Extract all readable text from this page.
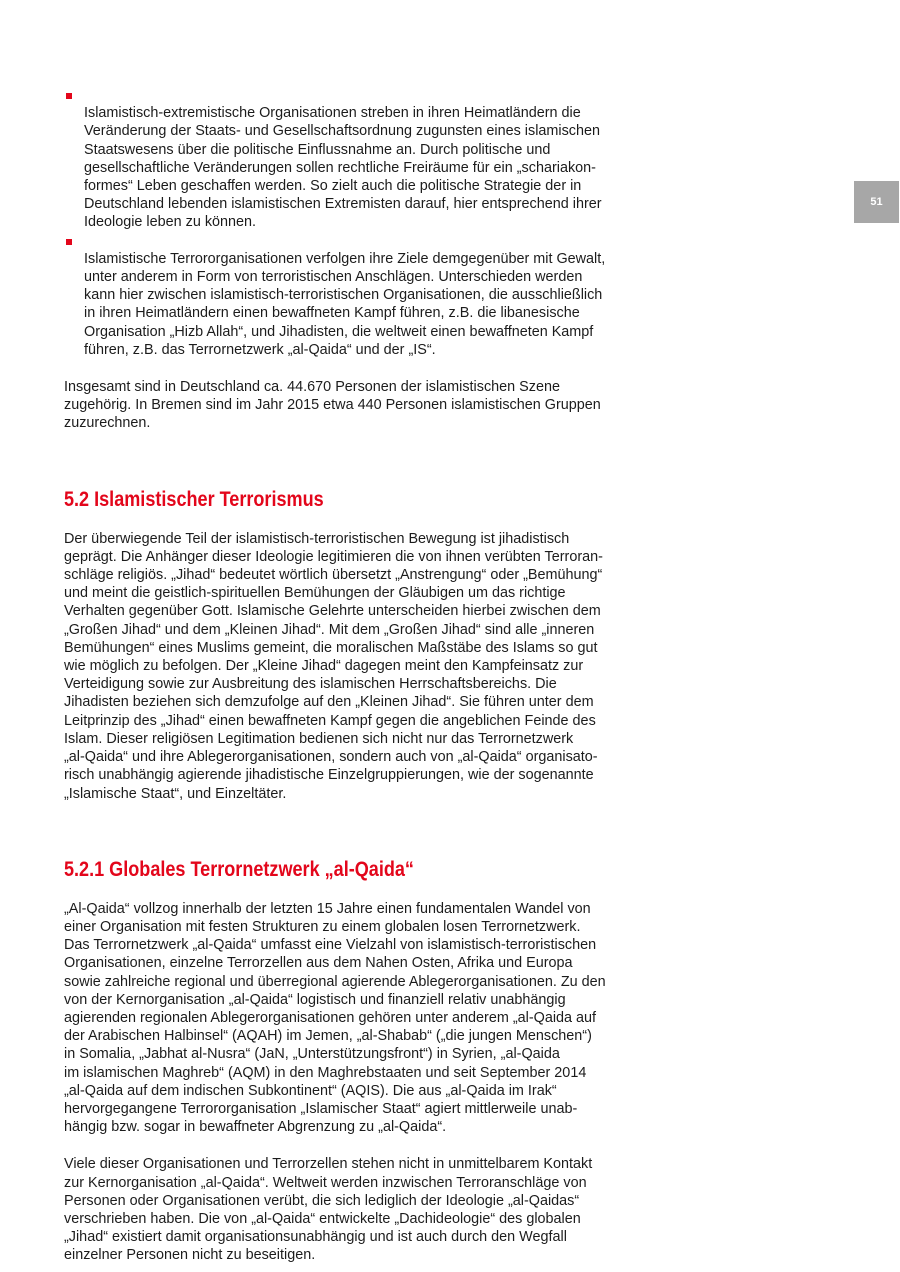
Islamistisch-extremistische Organisationen streben in ihren Heimatländern die
Veränderung der Staats- und Gesellschaftsordnung zugunsten eines islamischen
Staatswesens über die politische Einflussnahme an. Durch politische und
gesellschaftliche Veränderungen sollen rechtliche Freiräume für ein „schariakon-
formes“ Leben geschaffen werden. So zielt auch die politische Strategie der in
Deutschland lebenden islamistischen Extremisten darauf, hier entsprechend ihrer
Ideologie leben zu können.

Islamistische Terrororganisationen verfolgen ihre Ziele demgegenüber mit Gewalt,
unter anderem in Form von terroristischen Anschlägen. Unterschieden werden
kann hier zwischen islamistisch-terroristischen Organisationen, die ausschließlich
in ihren Heimatländern einen bewaffneten Kampf führen, z.B. die libanesische
Organisation „Hizb Allah“, und Jihadisten, die weltweit einen bewaffneten Kampf
führen, z.B. das Terrornetzwerk „al-Qaida“ und der „IS“.

Insgesamt sind in Deutschland ca. 44.670 Personen der islamistischen Szene
zugehörig. In Bremen sind im Jahr 2015 etwa 440 Personen islamistischen Gruppen
zuzurechnen.

5.2 Islamistischer Terrorismus

Der überwiegende Teil der islamistisch-terroristischen Bewegung ist jihadistisch
geprägt. Die Anhänger dieser Ideologie legitimieren die von ihnen verübten Terroran-
schläge religiös. „Jihad“ bedeutet wörtlich übersetzt „Anstrengung“ oder „Bemühung“
und meint die geistlich-spirituellen Bemühungen der Gläubigen um das richtige
Verhalten gegenüber Gott. Islamische Gelehrte unterscheiden hierbei zwischen dem
„Großen Jihad“ und dem „Kleinen Jihad“. Mit dem „Großen Jihad“ sind alle „inneren
Bemühungen“ eines Muslims gemeint, die moralischen Maßstäbe des Islams so gut
wie möglich zu befolgen. Der „Kleine Jihad“ dagegen meint den Kampfeinsatz zur
Verteidigung sowie zur Ausbreitung des islamischen Herrschaftsbereichs. Die
Jihadisten beziehen sich demzufolge auf den „Kleinen Jihad“. Sie führen unter dem
Leitprinzip des „Jihad“ einen bewaffneten Kampf gegen die angeblichen Feinde des
Islam. Dieser religiösen Legitimation bedienen sich nicht nur das Terrornetzwerk
„al-Qaida“ und ihre Ablegerorganisationen, sondern auch von „al-Qaida“ organisato-
risch unabhängig agierende jihadistische Einzelgruppierungen, wie der sogenannte
„Islamische Staat“, und Einzeltäter.

5.2.1 Globales Terrornetzwerk „al-Qaida“

„Al-Qaida“ vollzog innerhalb der letzten 15 Jahre einen fundamentalen Wandel von
einer Organisation mit festen Strukturen zu einem globalen losen Terrornetzwerk.
Das Terrornetzwerk „al-Qaida“ umfasst eine Vielzahl von islamistisch-terroristischen
Organisationen, einzelne Terrorzellen aus dem Nahen Osten, Afrika und Europa
sowie zahlreiche regional und überregional agierende Ablegerorganisationen. Zu den
von der Kernorganisation „al-Qaida“ logistisch und finanziell relativ unabhängig
agierenden regionalen Ablegerorganisationen gehören unter anderem „al-Qaida auf
der Arabischen Halbinsel“ (AQAH) im Jemen, „al-Shabab“ („die jungen Menschen“)
in Somalia, „Jabhat al-Nusra“ (JaN, „Unterstützungsfront“) in Syrien, „al-Qaida
im islamischen Maghreb“ (AQM) in den Maghrebstaaten und seit September 2014
„al-Qaida auf dem indischen Subkontinent“ (AQIS). Die aus „al-Qaida im Irak“
hervorgegangene Terrororganisation „Islamischer Staat“ agiert mittlerweile unab-
hängig bzw. sogar in bewaffneter Abgrenzung zu „al-Qaida“.

Viele dieser Organisationen und Terrorzellen stehen nicht in unmittelbarem Kontakt
zur Kernorganisation „al-Qaida“. Weltweit werden inzwischen Terroranschläge von
Personen oder Organisationen verübt, die sich lediglich der Ideologie „al-Qaidas“
verschrieben haben. Die von „al-Qaida“ entwickelte „Dachideologie“ des globalen
„Jihad“ existiert damit organisationsunabhängig und ist auch durch den Wegfall
einzelner Personen nicht zu beseitigen.

51
